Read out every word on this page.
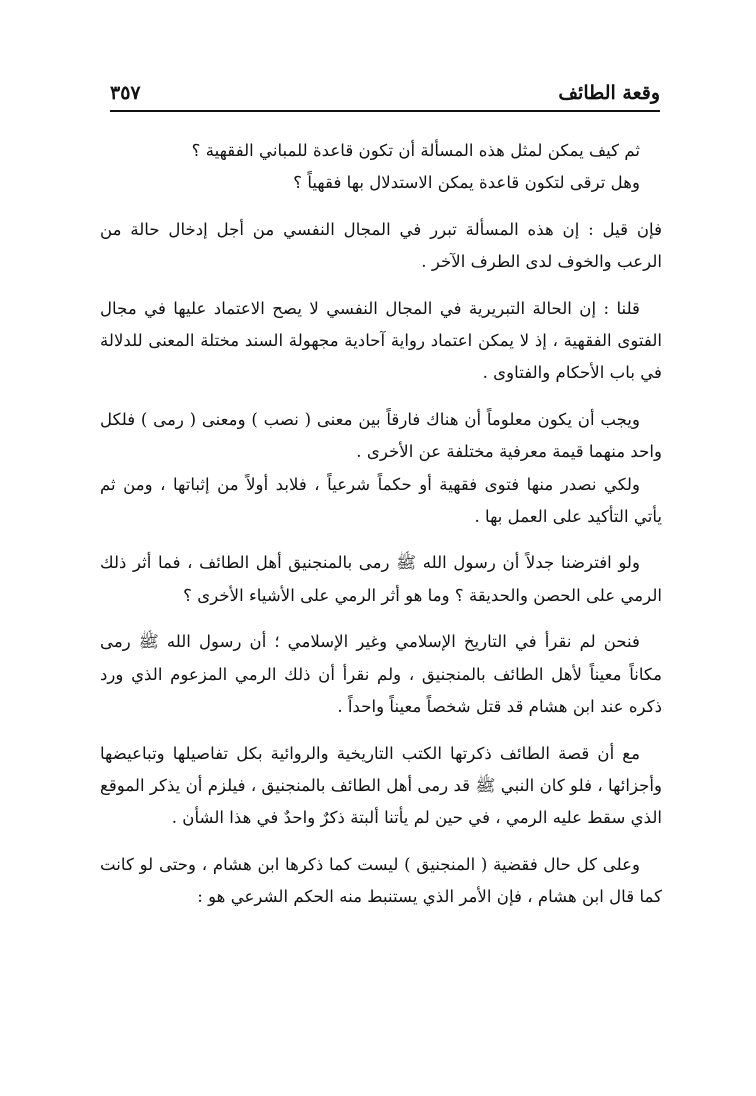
وقعة الطائف
٣٥٧

ثم كيف يمكن لمثل هذه المسألة أن تكون قاعدة للمباني الفقهية ؟

وهل ترقى لتكون قاعدة يمكن الاستدلال بها فقهياً ؟

فإن قيل : إن هذه المسألة تبرر في المجال النفسي من أجل إدخال حالة من الرعب والخوف لدى الطرف الآخر .

قلنا : إن الحالة التبريرية في المجال النفسي لا يصح الاعتماد عليها في مجال الفتوى الفقهية ، إذ لا يمكن اعتماد رواية آحادية مجهولة السند مختلة المعنى للدلالة في باب الأحكام والفتاوى .

ويجب أن يكون معلوماً أن هناك فارقاً بين معنى ( نصب ) ومعنى ( رمى ) فلكل واحد منهما قيمة معرفية مختلفة عن الأخرى .

ولكي نصدر منها فتوى فقهية أو حكماً شرعياً ، فلابد أولاً من إثباتها ، ومن ثم يأتي التأكيد على العمل بها .

ولو افترضنا جدلاً أن رسول الله ﷺ رمى بالمنجنيق أهل الطائف ، فما أثر ذلك الرمي على الحصن والحديقة ؟ وما هو أثر الرمي على الأشياء الأخرى ؟

فنحن لم نقرأ في التاريخ الإسلامي وغير الإسلامي ؛ أن رسول الله ﷺ رمى مكاناً معيناً لأهل الطائف بالمنجنيق ، ولم نقرأ أن ذلك الرمي المزعوم الذي ورد ذكره عند ابن هشام قد قتل شخصاً معيناً واحداً .

مع أن قصة الطائف ذكرتها الكتب التاريخية والروائية بكل تفاصيلها وتباعيضها وأجزائها ، فلو كان النبي ﷺ قد رمى أهل الطائف بالمنجنيق ، فيلزم أن يذكر الموقع الذي سقط عليه الرمي ، في حين لم يأتنا ألبتة ذكرٌ واحدٌ في هذا الشأن .

وعلى كل حال فقضية ( المنجنيق ) ليست كما ذكرها ابن هشام ، وحتى لو كانت كما قال ابن هشام ، فإن الأمر الذي يستنبط منه الحكم الشرعي هو :
